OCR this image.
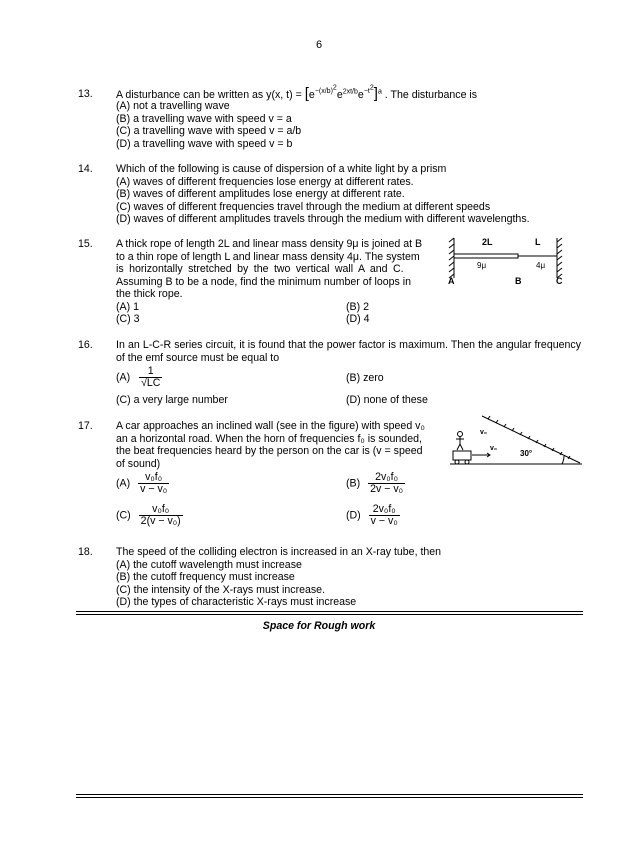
6
13. A disturbance can be written as y(x, $t) = [e^{-(x/b)^2}e^{2xt/b}e^{-t^2}]^a$ . The disturbance is
(A) not a travelling wave
(B) a travelling wave with speed v = a
(C) a travelling wave with speed v = a/b
(D) a travelling wave with speed v = b
14. Which of the following is cause of dispersion of a white light by a prism
(A) waves of different frequencies lose energy at different rates.
(B) waves of different amplitudes lose energy at different rate.
(C) waves of different frequencies travel through the medium at different speeds
(D) waves of different amplitudes travels through the medium with different wavelengths.
15. A thick rope of length 2L and linear mass density 9μ is joined at B
to a thin rope of length L and linear mass density 4μ. The system
is horizontally stretched by the two vertical wall A and C.
Assuming B to be a node, find the minimum number of loops in
the thick rope.
(A) 1	(B) 2
(C) 3	(D) 4
2L	L
9μ	4μ
A	B	C
16. In an L-C-R series circuit, it is found that the power factor is maximum. Then the angular frequency of the emf source must be equal to
$(A) \frac{1}{√LC}$	(B) zero
(C) a very large number	(D) none of these
17. A car approaches an inclined wall (see in the figure) with speed v₀
an a horizontal road. When the horn of frequencies f₀ is sounded,
the beat frequencies heard by the person on the car is (v = speed
of sound)
$(A) \frac{\text{v₀f₀}}{\text{v − v₀}}$	$(B) \frac{\text{2v₀f₀}}{\text{2v − v₀}}$
$(C) \frac{\text{v₀f₀}}{\text{2(v − v₀)}}$	$(D) \frac{\text{2v₀f₀}}{\text{v − v₀}}$
v₀
v₀
30°
18. The speed of the colliding electron is increased in an X-ray tube, then
(A) the cutoff wavelength must increase
(B) the cutoff frequency must increase
(C) the intensity of the X-rays must increase.
(D) the types of characteristic X-rays must increase
Space for Rough work
